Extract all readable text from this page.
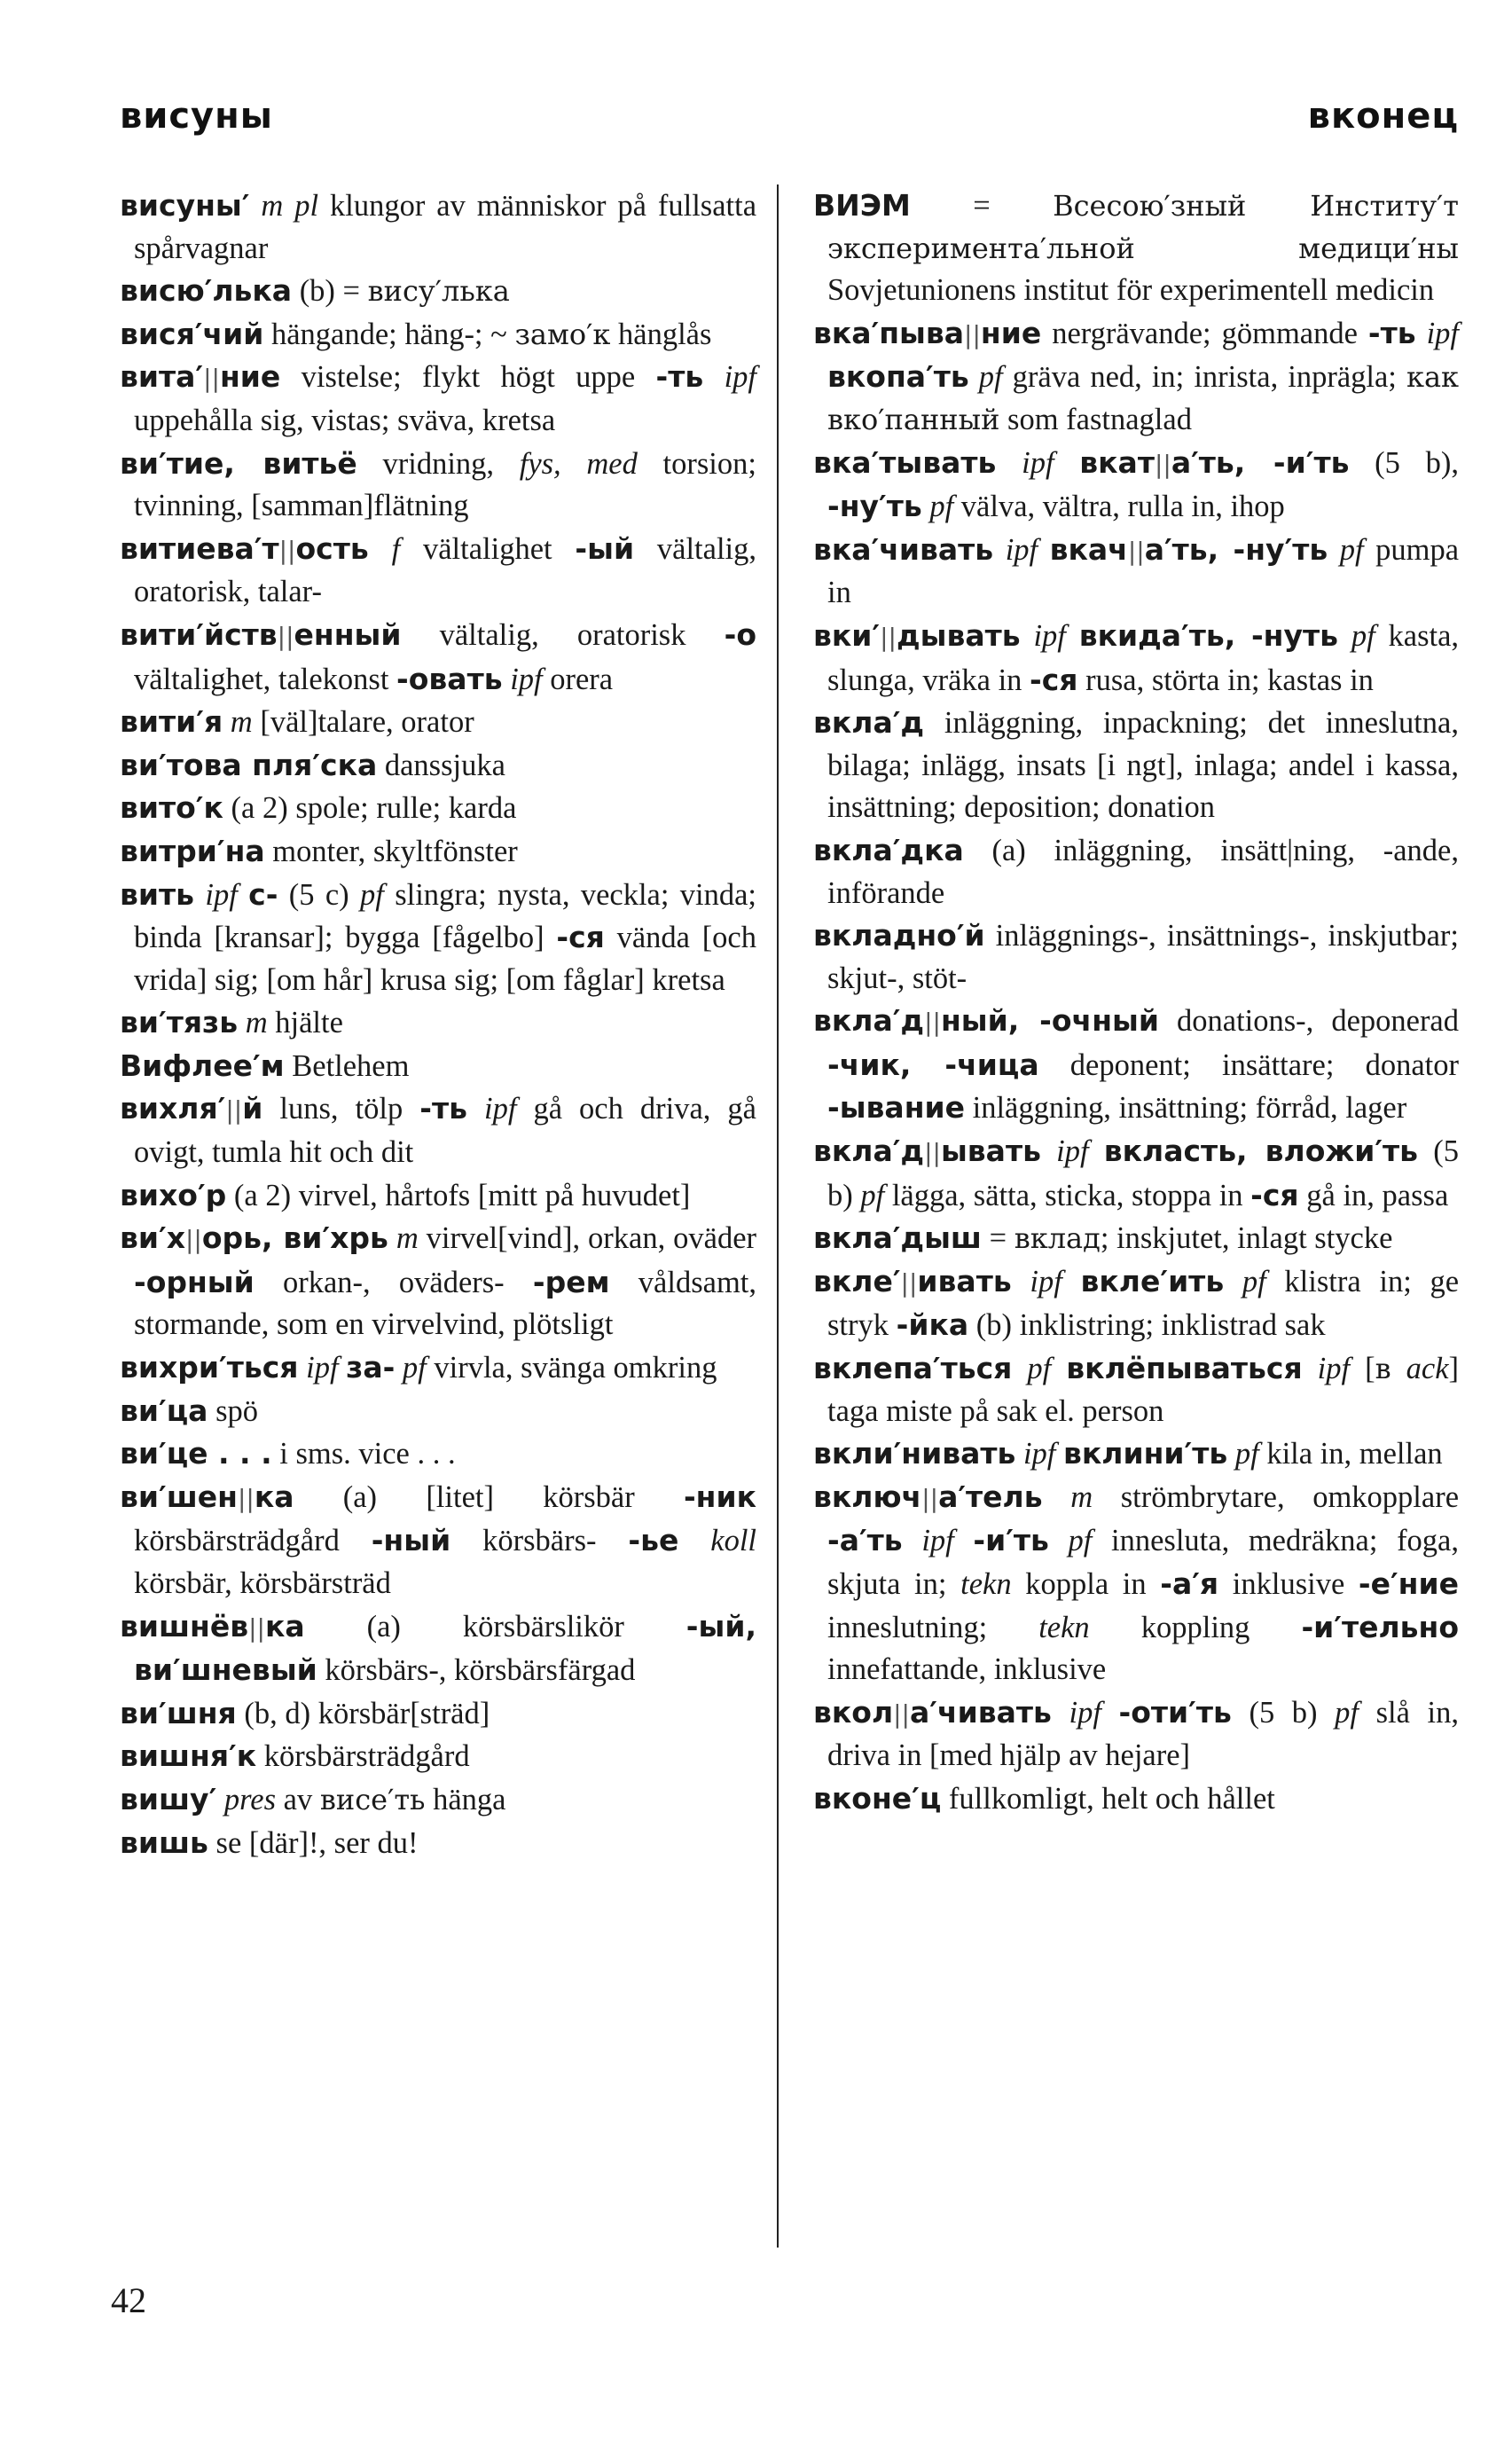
висуны	вконец

висуны′ m pl klungor av människor på fullsatta spårvagnar

висю′лька (b) = вису′лька

вися′чий hängande; häng-; ~ замо′к hänglås

вита′||ние vistelse; flykt högt uppe -ть ipf uppehålla sig, vistas; sväva, kretsa

ви′тие, витьё vridning, fys, med torsion; tvinning, [samman]flätning

витиева′т||ость f vältalighet -ый vältalig, oratorisk, talar-

вити′йств||енный vältalig, oratorisk -о vältalighet, talekonst -овать ipf orera

вити′я m [väl]talare, orator

ви′това пля′ска danssjuka

вито′к (a 2) spole; rulle; karda

витри′на monter, skyltfönster

вить ipf с- (5 c) pf slingra; nysta, veckla; vinda; binda [kransar]; bygga [fågelbo] -ся vända [och vrida] sig; [om hår] krusa sig; [om fåglar] kretsa

ви′тязь m hjälte

Вифлее′м Betlehem

вихля′||й luns, tölp -ть ipf gå och driva, gå ovigt, tumla hit och dit

вихо′р (a 2) virvel, hårtofs [mitt på huvudet]

ви′х||орь, ви′хрь m virvel[vind], orkan, oväder -орный orkan-, oväders- -рем våldsamt, stormande, som en virvelvind, plötsligt

вихри′ться ipf за- pf virvla, svänga omkring

ви′ца spö

ви′це . . . i sms. vice . . .

ви′шен||ка (a) [litet] körsbär -ник körsbärsträdgård -ный körsbärs- -ье koll körsbär, körsbärsträd

вишнёв||ка (a) körsbärslikör -ый, ви′шневый körsbärs-, körsbärsfärgad

ви′шня (b, d) körsbär[sträd]

вишня′к körsbärsträdgård

вишу′ pres av висе′ть hänga

вишь se [där]!, ser du!

ВИЭМ = Всесою′зный Институ′т эксперимента′льной медици′ны Sovjetunionens institut för experimentell medicin

вка′пыва||ние nergrävande; gömmande -ть ipf вкопа′ть pf gräva ned, in; inrista, inprägla; как вко′панный som fastnaglad

вка′тывать ipf вкат||а′ть, -и′ть (5 b), -ну′ть pf välva, vältra, rulla in, ihop

вка′чивать ipf вкач||а′ть, -ну′ть pf pumpa in

вки′||дывать ipf вкида′ть, -нуть pf kasta, slunga, vräka in -ся rusa, störta in; kastas in

вкла′д inläggning, inpackning; det inneslutna, bilaga; inlägg, insats [i ngt], inlaga; andel i kassa, insättning; deposition; donation

вкла′дка (a) inläggning, insätt|ning, -ande, införande

вкладно′й inläggnings-, insättnings-, inskjutbar; skjut-, stöt-

вкла′д||ный, -очный donations-, deponerad -чик, -чица deponent; insättare; donator -ывание inläggning, insättning; förråd, lager

вкла′д||ывать ipf вкласть, вложи′ть (5 b) pf lägga, sätta, sticka, stoppa in -ся gå in, passa

вкла′дыш = вклад; inskjutet, inlagt stycke

вкле′||ивать ipf вкле′ить pf klistra in; ge stryk -йка (b) inklistring; inklistrad sak

вклепа′ться pf вклёпываться ipf [в ack] taga miste på sak el. person

вкли′нивать ipf вклини′ть pf kila in, mellan

включ||а′тель m strömbrytare, omkopplare -а′ть ipf -и′ть pf inneslutа, medräkna; foga, skjuta in; tekn koppla in -а′я inklusive -е′ние inneslutning; tekn koppling -и′тельно innefattande, inklusive

вкол||а′чивать ipf -оти′ть (5 b) pf slå in, driva in [med hjälp av hejare]

вконе′ц fullkomligt, helt och hållet

42
